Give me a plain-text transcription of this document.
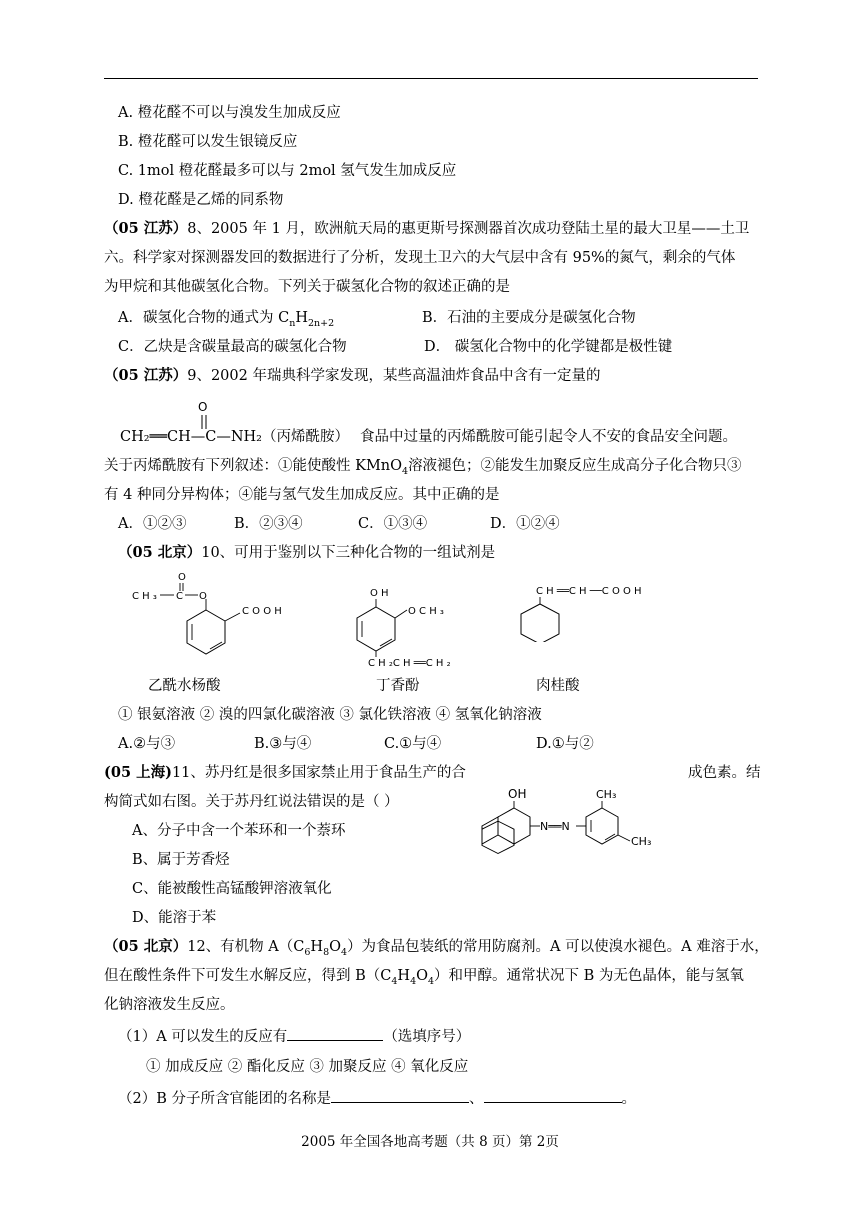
A. 橙花醛不可以与溴发生加成反应
B. 橙花醛可以发生银镜反应
C. 1mol 橙花醛最多可以与 2mol 氢气发生加成反应
D. 橙花醛是乙烯的同系物
（05 江苏）8、2005 年 1 月，欧洲航天局的惠更斯号探测器首次成功登陆土星的最大卫星——土卫
六。科学家对探测器发回的数据进行了分析，发现土卫六的大气层中含有 95%的氮气，剩余的气体
为甲烷和其他碳氢化合物。下列关于碳氢化合物的叙述正确的是
A．碳氢化合物的通式为 $C_nH_{2n+2}$	B．石油的主要成分是碳氢化合物
C．乙炔是含碳量最高的碳氢化合物	D． 碳氢化合物中的化学键都是极性键
（05 江苏）9、2002 年瑞典科学家发现，某些高温油炸食品中含有一定量的
O
CH₂══CH—C—NH₂（丙烯酰胺） 食品中过量的丙烯酰胺可能引起令人不安的食品安全问题。
关于丙烯酰胺有下列叙述：①能使酸性 KMnO$_4$溶液褪色；②能发生加聚反应生成高分子化合物只③
有 4 种同分异构体；④能与氢气发生加成反应。其中正确的是
A．①②③	B．②③④	C．①③④	D．①②④
（05 北京）10、可用于鉴别以下三种化合物的一组试剂是
O
C H ₃ C O
C O O H
O H
O C H ₃
C H ₂C H ══C H ₂
C H ══C H ──C O O H
乙酰水杨酸	丁香酚	肉桂酸
① 银氨溶液 ② 溴的四氯化碳溶液 ③ 氯化铁溶液 ④ 氢氧化钠溶液
A.②与③	B.③与④	C.①与④	D.①与②
(05 上海)11、苏丹红是很多国家禁止用于食品生产的合	成色素。结
构简式如右图。关于苏丹红说法错误的是（ ）	OH
N══N
CH₃
CH₃
A、分子中含一个苯环和一个萘环
B、属于芳香烃
C、能被酸性高锰酸钾溶液氧化
D、能溶于苯
（05 北京）12、有机物 $A(C_6H_8O_4)$为食品包装纸的常用防腐剂。A 可以使溴水褪色。A 难溶于水，
但在酸性条件下可发生水解反应，得到 $B(C_4H_4O_4)$和甲醇。通常状况下 B 为无色晶体，能与氢氧
化钠溶液发生反应。
（1）A 可以发生的反应有	（选填序号）
① 加成反应 ② 酯化反应 ③ 加聚反应 ④ 氧化反应
（2）B 分子所含官能团的名称是	、	。
2005 年全国各地高考题（共 8 页）第 2页
